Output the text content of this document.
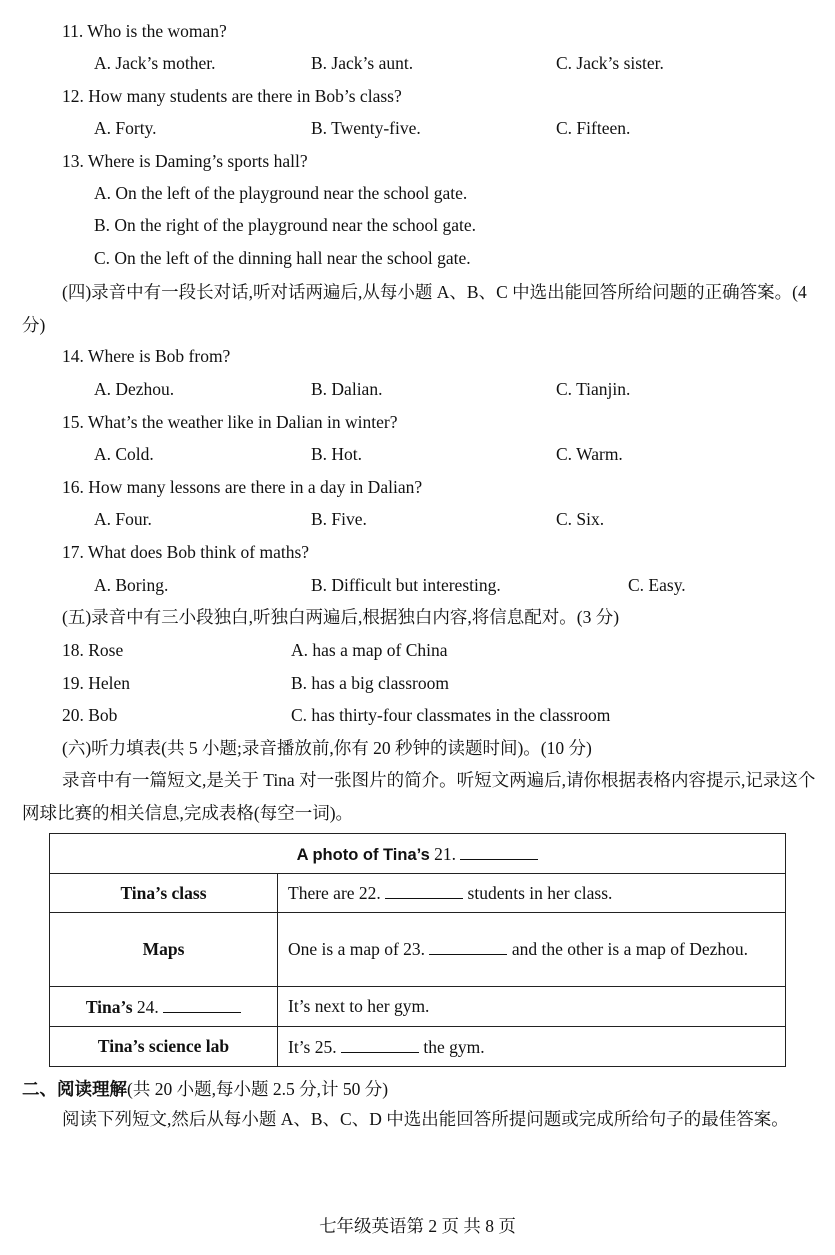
11. Who is the woman?
A. Jack’s mother.	B. Jack’s aunt.	C. Jack’s sister.
12. How many students are there in Bob’s class?
A. Forty.	B. Twenty-five.	C. Fifteen.
13. Where is Daming’s sports hall?
A. On the left of the playground near the school gate.
B. On the right of the playground near the school gate.
C. On the left of the dinning hall near the school gate.
(四)录音中有一段长对话,听对话两遍后,从每小题 A、B、C 中选出能回答所给问题的正确答案。(4 分)
14. Where is Bob from?
A. Dezhou.	B. Dalian.	C. Tianjin.
15. What’s the weather like in Dalian in winter?
A. Cold.	B. Hot.	C. Warm.
16. How many lessons are there in a day in Dalian?
A. Four.	B. Five.	C. Six.
17. What does Bob think of maths?
A. Boring.	B. Difficult but interesting.	C. Easy.
(五)录音中有三小段独白,听独白两遍后,根据独白内容,将信息配对。(3 分)
18. Rose	A. has a map of China
19. Helen	B. has a big classroom
20. Bob	C. has thirty-four classmates in the classroom
(六)听力填表(共 5 小题;录音播放前,你有 20 秒钟的读题时间)。(10 分)
录音中有一篇短文,是关于 Tina 对一张图片的简介。听短文两遍后,请你根据表格内容提示,记录这个网球比赛的相关信息,完成表格(每空一词)。
A photo of Tina’s 21.	
Tina’s class	There are 22. students in her class.
Maps	One is a map of 23. and the other is a map of Dezhou.
Tina’s 24.	It’s next to her gym.
Tina’s science lab	It’s 25. the gym.
二、阅读理解(共 20 小题,每小题 2.5 分,计 50 分)
阅读下列短文,然后从每小题 A、B、C、D 中选出能回答所提问题或完成所给句子的最佳答案。
七年级英语第 2 页 共 8 页
